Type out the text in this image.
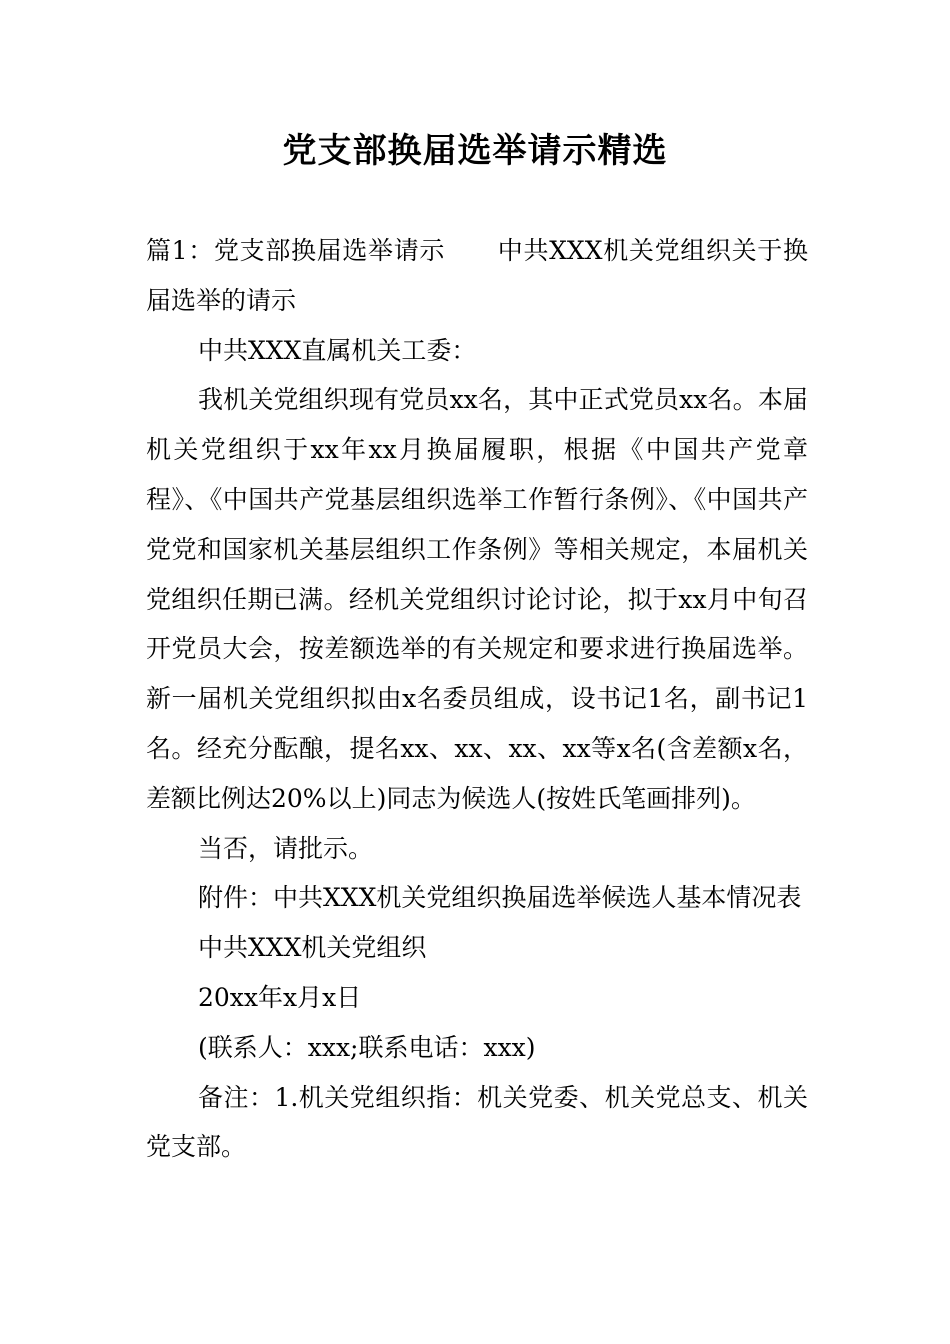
党支部换届选举请示精选

篇1：党支部换届选举请示 中共XXX机关党组织关于换届选举的请示

中共XXX直属机关工委：

我机关党组织现有党员xx名，其中正式党员xx名。本届机关党组织于xx年xx月换届履职，根据《中国共产党章程》、《中国共产党基层组织选举工作暂行条例》、《中国共产党党和国家机关基层组织工作条例》等相关规定，本届机关党组织任期已满。经机关党组织讨论讨论，拟于xx月中旬召开党员大会，按差额选举的有关规定和要求进行换届选举。新一届机关党组织拟由x名委员组成，设书记1名，副书记1名。经充分酝酿，提名xx、xx、xx、xx等x名(含差额x名，差额比例达20%以上)同志为候选人(按姓氏笔画排列)。

当否，请批示。

附件：中共XXX机关党组织换届选举候选人基本情况表

中共XXX机关党组织

20xx年x月x日

(联系人：xxx;联系电话：xxx)

备注：1.机关党组织指：机关党委、机关党总支、机关党支部。
